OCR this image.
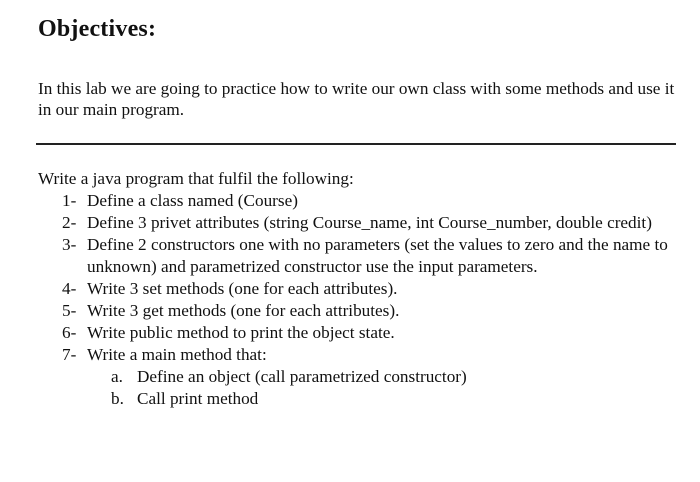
Objectives:
In this lab we are going to practice how to write our own class with some methods and use it in our main program.
Write a java program that fulfil the following:
1- Define a class named (Course)
2- Define 3 privet attributes (string Course_name, int Course_number, double credit)
3- Define 2 constructors one with no parameters (set the values to zero and the name to unknown) and parametrized constructor use the input parameters.
4- Write 3 set methods (one for each attributes).
5- Write 3 get methods (one for each attributes).
6- Write public method to print the object state.
7- Write a main method that:
a. Define an object (call parametrized constructor)
b. Call print method
